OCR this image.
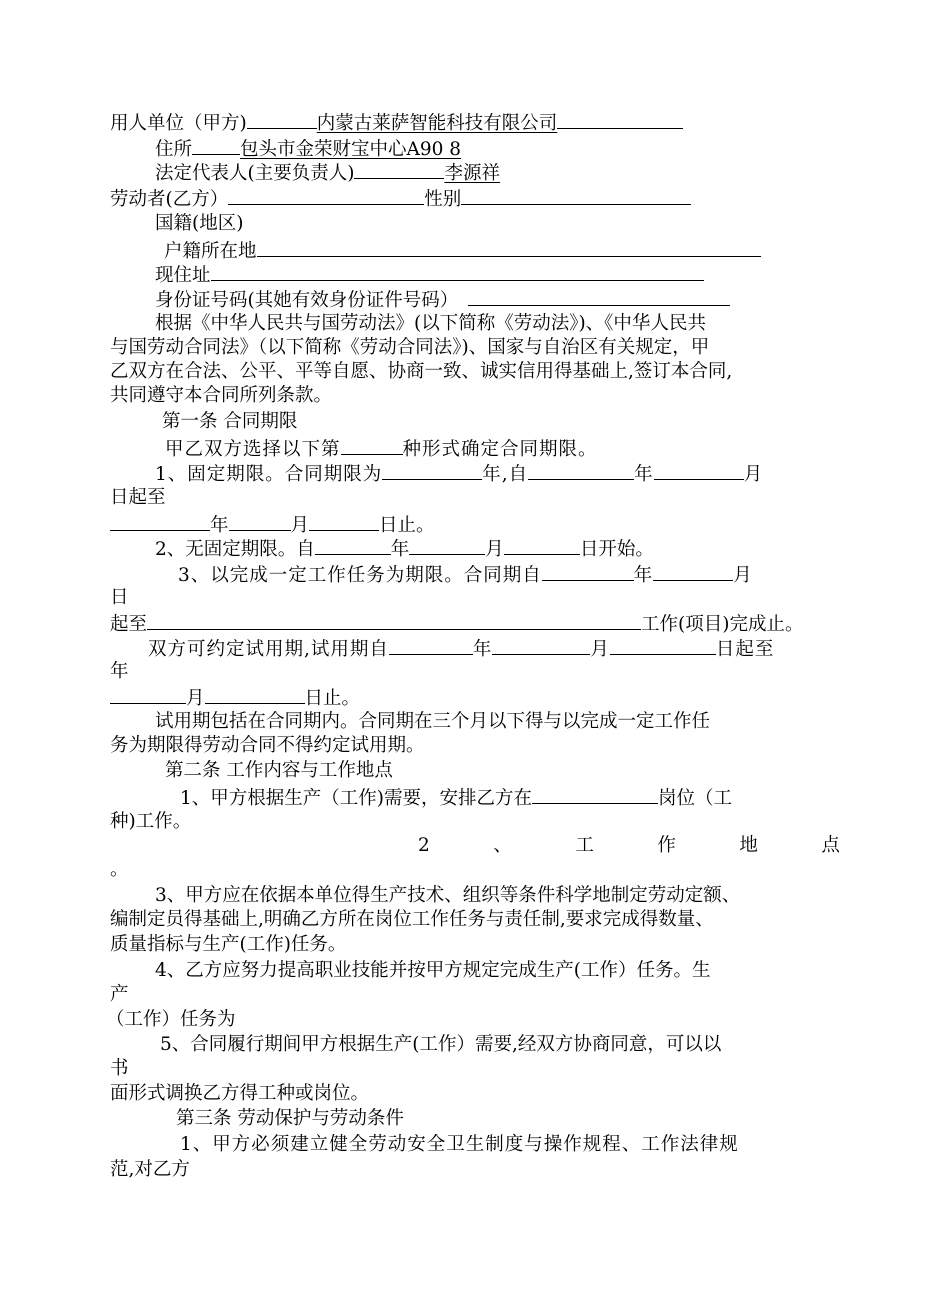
用人单位（甲方)	内蒙古莱萨智能科技有限公司
住所	包头市金荣财宝中心A90 8
法定代表人(主要负责人)	李源祥
劳动者(乙方）	性别
国籍(地区)
户籍所在地
现住址
身份证号码(其她有效身份证件号码）
根据《中华人民共与国劳动法》(以下简称《劳动法》)、《中华人民共
与国劳动合同法》（以下简称《劳动合同法》)、国家与自治区有关规定，甲
乙双方在合法、公平、平等自愿、协商一致、诚实信用得基础上,签订本合同,
共同遵守本合同所列条款。
第一条 合同期限
甲乙双方选择以下第	种形式确定合同期限。
1、固定期限。合同期限为	年,自	年	月
日起至
年	月	日止。
2、无固定期限。自	年	月	日开始。
3、以完成一定工作任务为期限。合同期自	年	月
日
起至	工作(项目)完成止。
双方可约定试用期,试用期自	年	月	日起至
年
月	日止。
试用期包括在合同期内。合同期在三个月以下得与以完成一定工作任
务为期限得劳动合同不得约定试用期。
第二条 工作内容与工作地点
1、甲方根据生产（工作)需要，安排乙方在	岗位（工
种)工作。
2	、	工	作	地	点
。
3、甲方应在依据本单位得生产技术、组织等条件科学地制定劳动定额、
编制定员得基础上,明确乙方所在岗位工作任务与责任制,要求完成得数量、
质量指标与生产(工作)任务。
4、乙方应努力提高职业技能并按甲方规定完成生产(工作）任务。生
产
（工作）任务为
5、合同履行期间甲方根据生产(工作）需要,经双方协商同意，可以以
书
面形式调换乙方得工种或岗位。
第三条 劳动保护与劳动条件
1、甲方必须建立健全劳动安全卫生制度与操作规程、工作法律规
范,对乙方
